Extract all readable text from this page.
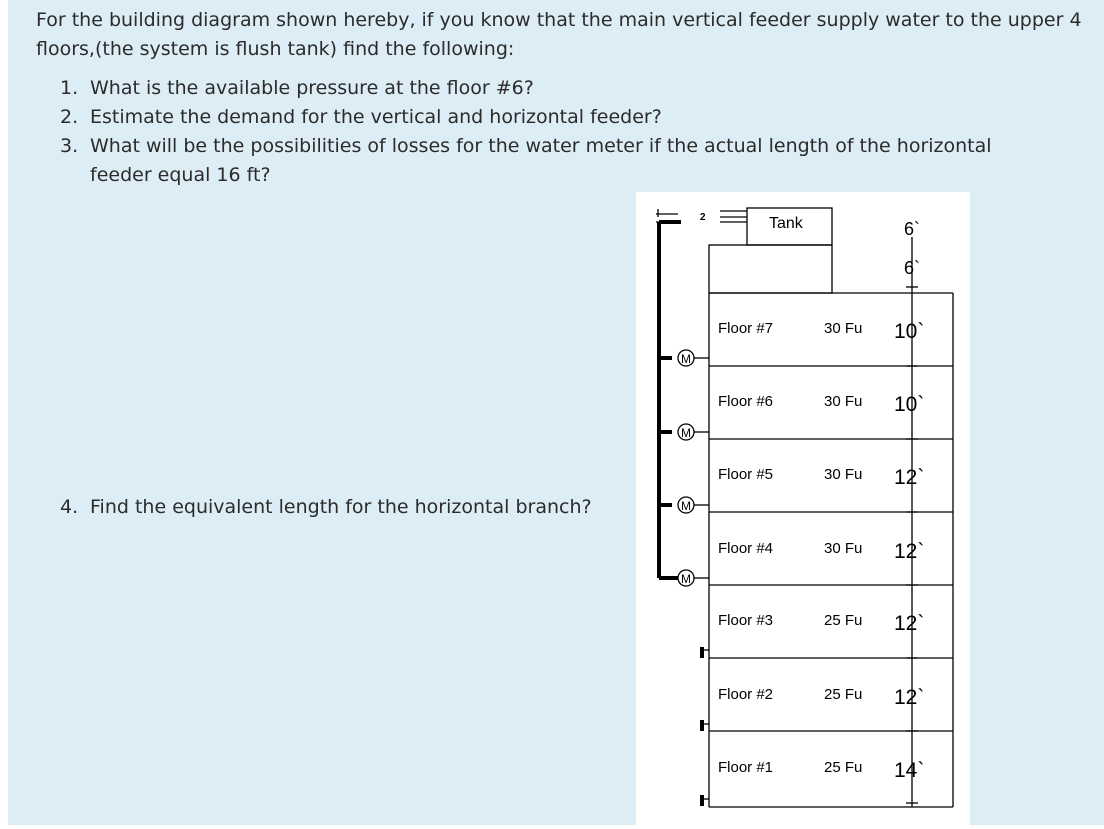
For the building diagram shown hereby, if you know that the main vertical feeder supply water to the upper 4 floors,(the system is flush tank) find the following:
1. What is the available pressure at the floor #6?
2. Estimate the demand for the vertical and horizontal feeder?
3. What will be the possibilities of losses for the water meter if the actual length of the horizontal feeder equal 16 ft?
4. Find the equivalent length for the horizontal branch?
M
M
M
M
2	Tank	6`
6`
Floor #7	30 Fu 10`
Floor #6	30 Fu 10`
Floor #5	30 Fu 12`
Floor #4	30 Fu 12`
Floor #3	25 Fu 12`
Floor #2	25 Fu 12`
Floor #1	25 Fu 14`
